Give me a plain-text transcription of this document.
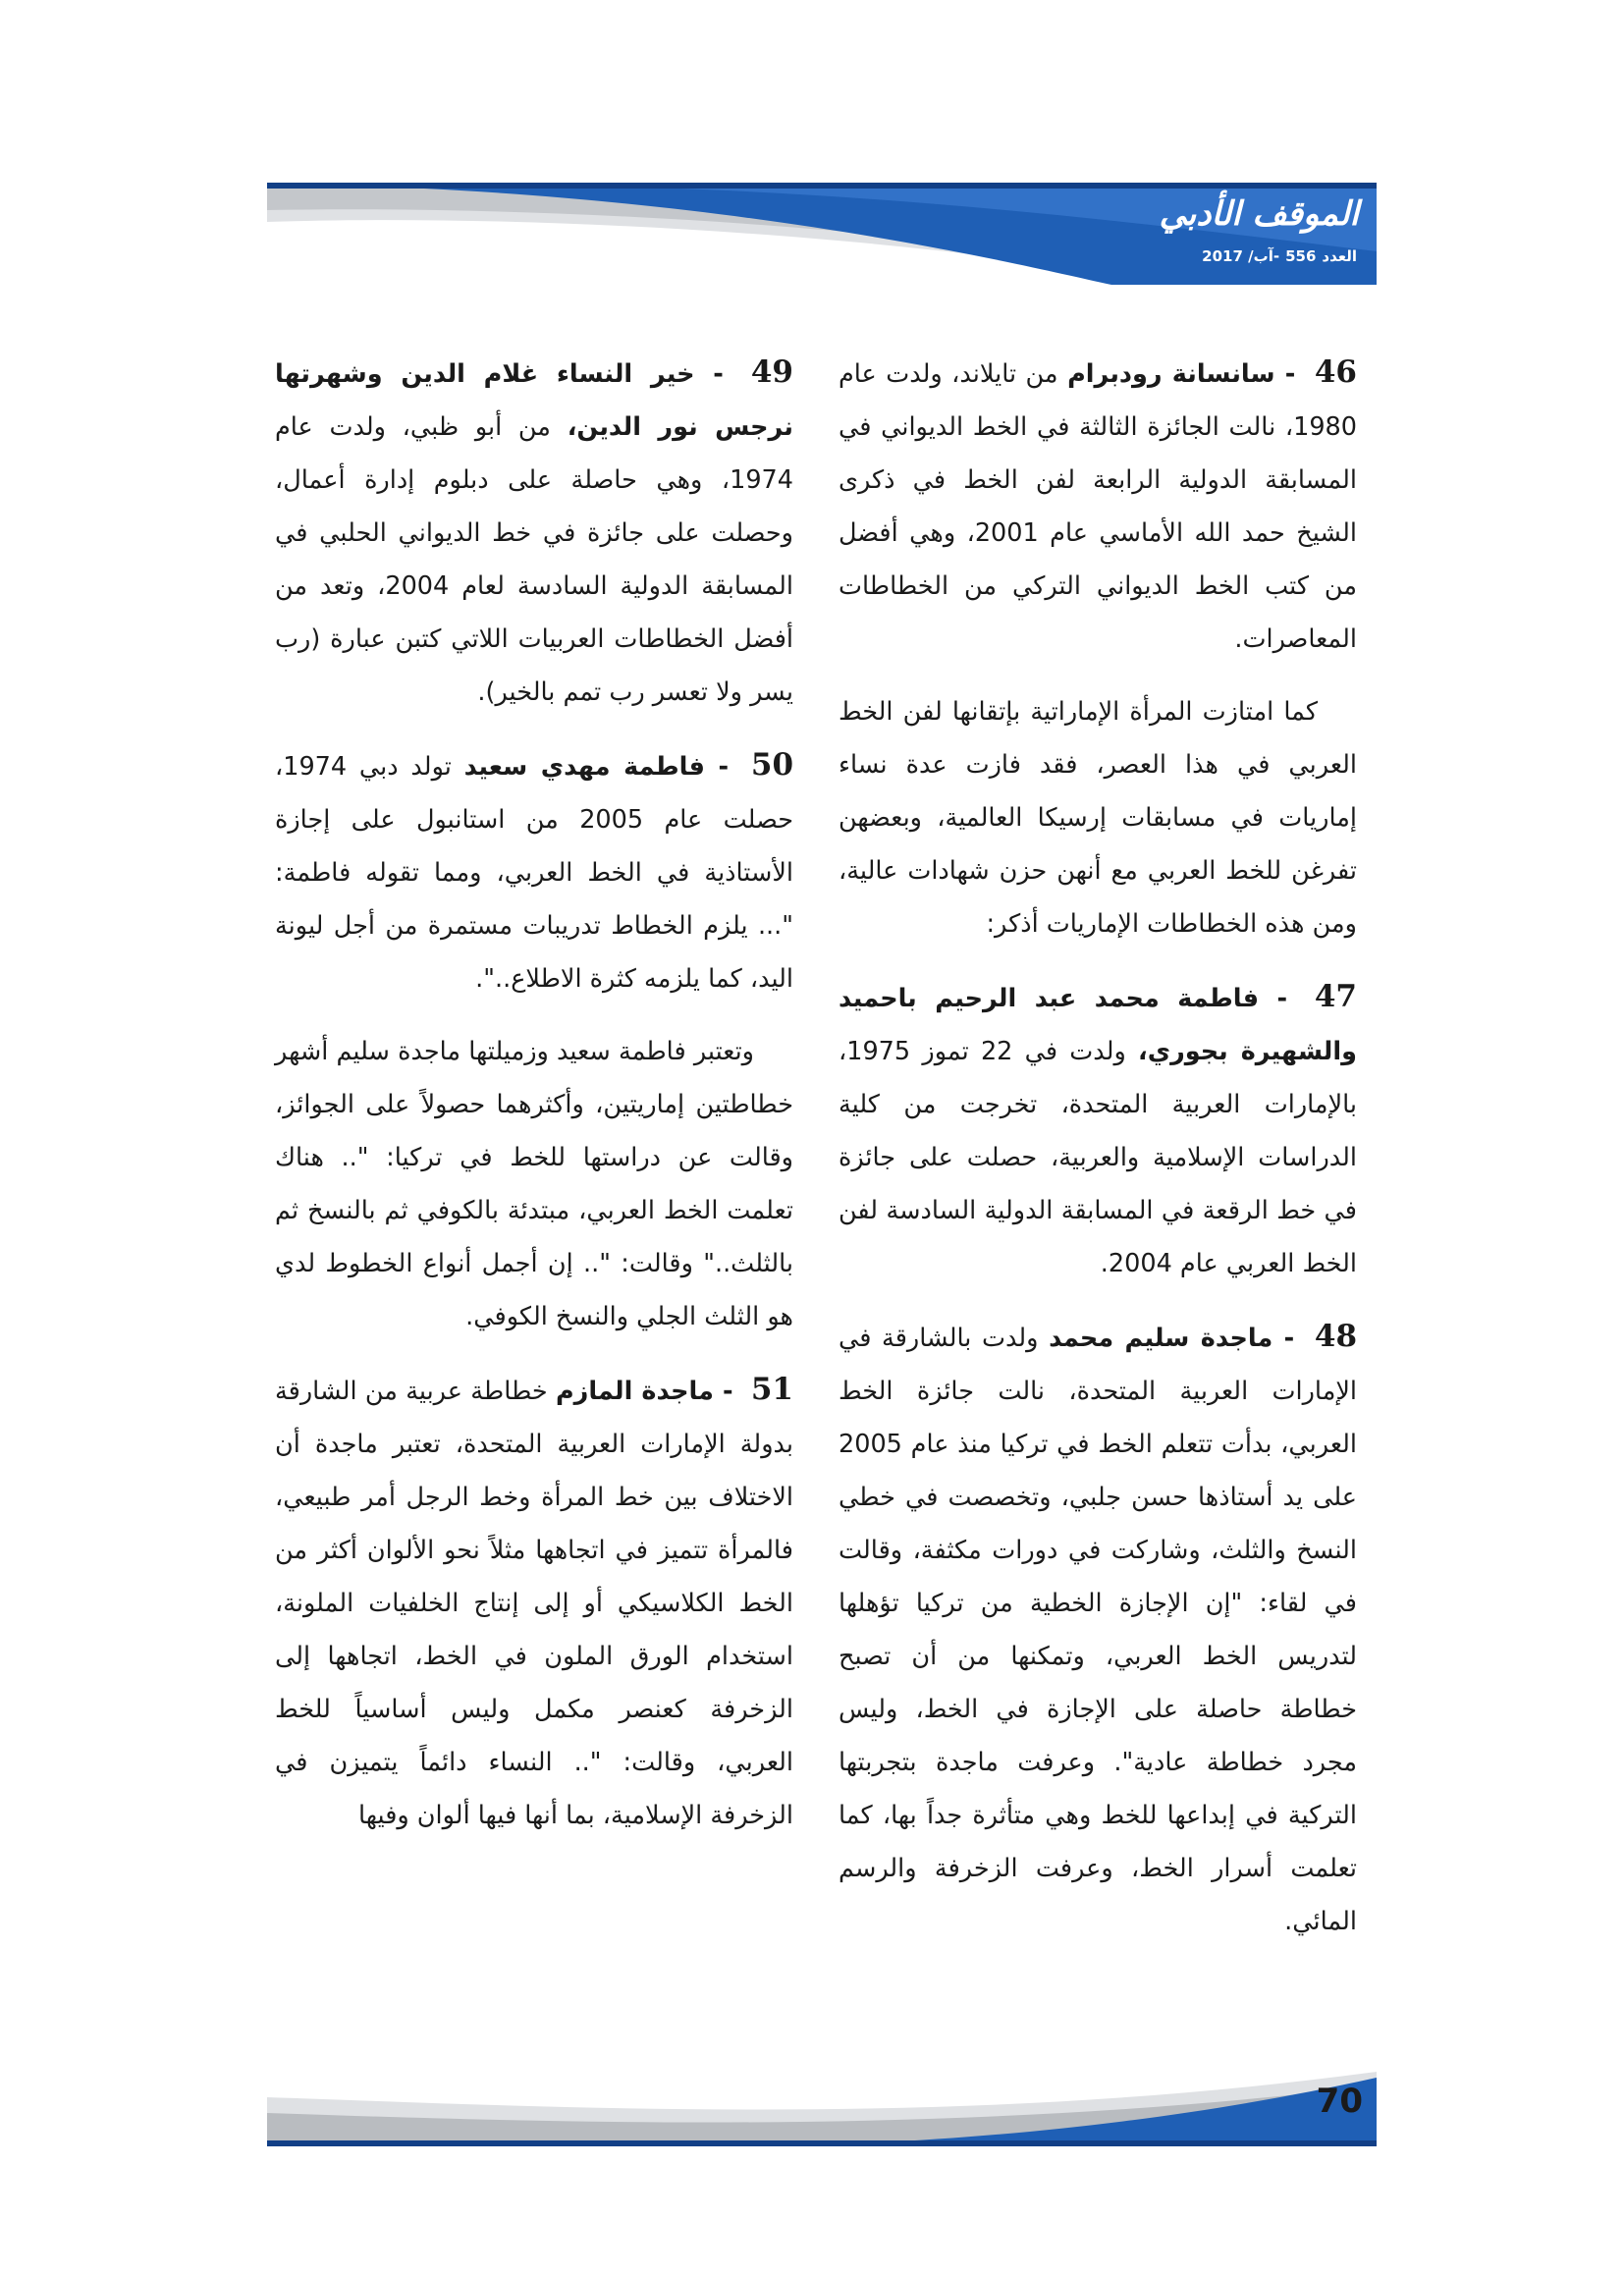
الموقف الأدبي
العدد
556
-آب/ 2017

46 - سانسانة رودبرام من تايلاند، ولدت عام 1980، نالت الجائزة الثالثة في الخط الديواني في المسابقة الدولية الرابعة لفن الخط في ذكرى الشيخ حمد الله الأماسي عام 2001، وهي أفضل من كتب الخط الديواني التركي من الخطاطات المعاصرات.

كما امتازت المرأة الإماراتية بإتقانها لفن الخط العربي في هذا العصر، فقد فازت عدة نساء إماريات في مسابقات إرسيكا العالمية، وبعضهن تفرغن للخط العربي مع أنهن حزن شهادات عالية، ومن هذه الخطاطات الإماريات أذكر:

47 - فاطمة محمد عبد الرحيم باحميد والشهيرة بجوري، ولدت في 22 تموز 1975، بالإمارات العربية المتحدة، تخرجت من كلية الدراسات الإسلامية والعربية، حصلت على جائزة في خط الرقعة في المسابقة الدولية السادسة لفن الخط العربي عام 2004.

48 - ماجدة سليم محمد ولدت بالشارقة في الإمارات العربية المتحدة، نالت جائزة الخط العربي، بدأت تتعلم الخط في تركيا منذ عام 2005 على يد أستاذها حسن جلبي، وتخصصت في خطي النسخ والثلث، وشاركت في دورات مكثفة، وقالت في لقاء: "إن الإجازة الخطية من تركيا تؤهلها لتدريس الخط العربي، وتمكنها من أن تصبح خطاطة حاصلة على الإجازة في الخط، وليس مجرد خطاطة عادية". وعرفت ماجدة بتجربتها التركية في إبداعها للخط وهي متأثرة جداً بها، كما تعلمت أسرار الخط، وعرفت الزخرفة والرسم المائي.

49 - خير النساء غلام الدين وشهرتها نرجس نور الدين، من أبو ظبي، ولدت عام 1974، وهي حاصلة على دبلوم إدارة أعمال، وحصلت على جائزة في خط الديواني الحلبي في المسابقة الدولية السادسة لعام 2004، وتعد من أفضل الخطاطات العربيات اللاتي كتبن عبارة (رب يسر ولا تعسر رب تمم بالخير).

50 - فاطمة مهدي سعيد تولد دبي 1974، حصلت عام 2005 من استانبول على إجازة الأستاذية في الخط العربي، ومما تقوله فاطمة: "... يلزم الخطاط تدريبات مستمرة من أجل ليونة اليد، كما يلزمه كثرة الاطلاع..".

وتعتبر فاطمة سعيد وزميلتها ماجدة سليم أشهر خطاطتين إماريتين، وأكثرهما حصولاً على الجوائز، وقالت عن دراستها للخط في تركيا: ".. هناك تعلمت الخط العربي، مبتدئة بالكوفي ثم بالنسخ ثم بالثلث.." وقالت: ".. إن أجمل أنواع الخطوط لدي هو الثلث الجلي والنسخ الكوفي.

51 - ماجدة المازم خطاطة عربية من الشارقة بدولة الإمارات العربية المتحدة، تعتبر ماجدة أن الاختلاف بين خط المرأة وخط الرجل أمر طبيعي، فالمرأة تتميز في اتجاهها مثلاً نحو الألوان أكثر من الخط الكلاسيكي أو إلى إنتاج الخلفيات الملونة، استخدام الورق الملون في الخط، اتجاهها إلى الزخرفة كعنصر مكمل وليس أساسياً للخط العربي، وقالت: ".. النساء دائماً يتميزن في الزخرفة الإسلامية، بما أنها فيها ألوان وفيها

70
